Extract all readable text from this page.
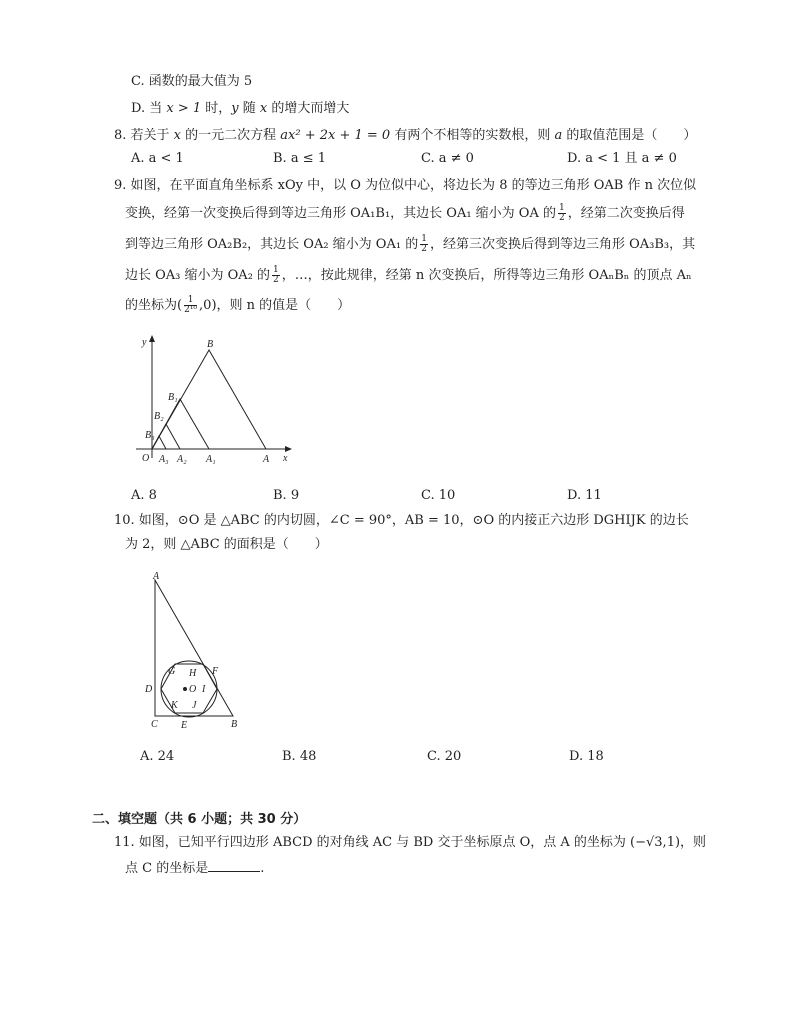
C. 函数的最大值为 5
D. 当 x > 1 时，y 随 x 的增大而增大
8. 若关于 x 的一元二次方程 ax² + 2x + 1 = 0 有两个不相等的实数根，则 a 的取值范围是（　　）
A. a < 1	B. a ≤ 1	C. a ≠ 0	D. a < 1 且 a ≠ 0
9. 如图，在平面直角坐标系 xOy 中，以 O 为位似中心，将边长为 8 的等边三角形 OAB 作 n 次位似
变换，经第一次变换后得到等边三角形 OA₁B₁，其边长 OA₁ 缩小为 OA 的 $\frac{1}{2}$ ，经第二次变换后得
到等边三角形 OA₂B₂，其边长 OA₂ 缩小为 OA₁ 的 $\frac{1}{2}$ ，经第三次变换后得到等边三角形 OA₃B₃，其
边长 OA₃ 缩小为 OA₂ 的 $\frac{1}{2}$ ，…，按此规律，经第 n 次变换后，所得等边三角形 OAₙBₙ 的顶点 Aₙ
的坐标为( $\frac{1}{\text{2¹⁰}} ,0$)，则 n 的值是（　　）
y
x
O	A
B
A₁
A₂
A₃
B₁
B₂
B₃
A. 8	B. 9	C. 10	D. 11
10. 如图，⊙O 是 △ABC 的内切圆，∠C = 90°，AB = 10，⊙O 的内接正六边形 DGHIJK 的边长
为 2，则 △ABC 的面积是（　　）
A
B
C
D
E
F
G H
I
J
K
O
A. 24	B. 48	C. 20	D. 18
二、填空题（共 6 小题；共 30 分）
11. 如图，已知平行四边形 ABCD 的对角线 AC 与 BD 交于坐标原点 O，点 A 的坐标为 (−√3,1)，则
点 C 的坐标是	.
